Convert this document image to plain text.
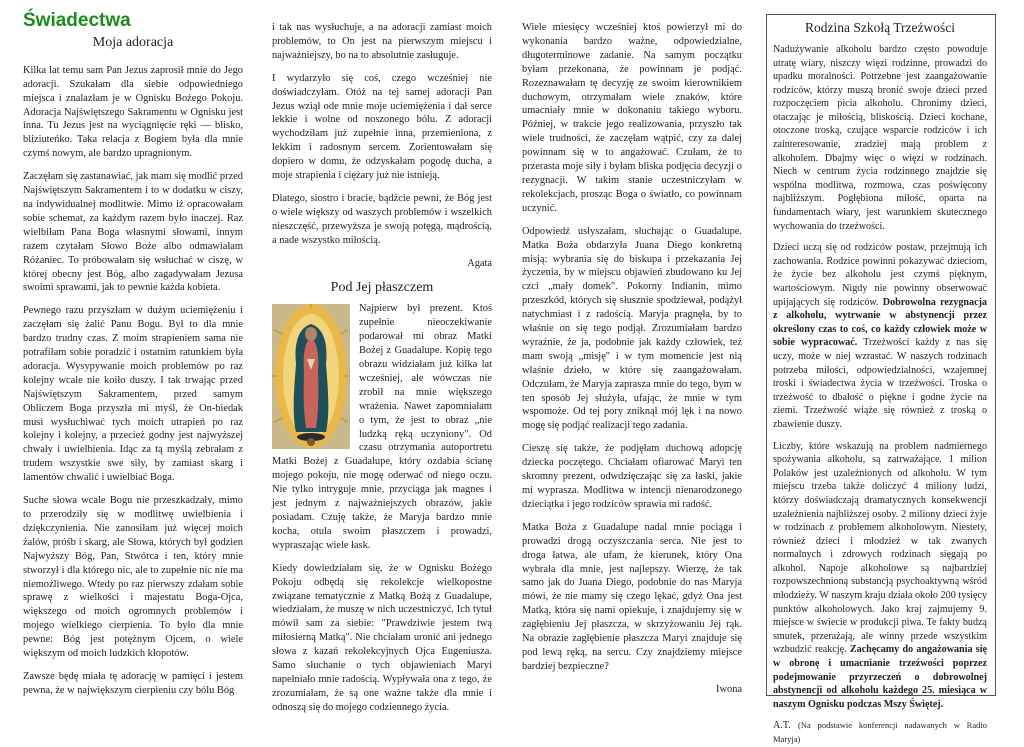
Świadectwa
Moja adoracja

Kilka lat temu sam Pan Jezus zaprosił mnie do Jego adoracji. Szukałam dla siebie odpowiedniego miejsca i znalazłam je w Ognisku Bożego Pokoju. Adoracja Najświętszego Sakramentu w Ognisku jest inna. Tu Jezus jest na wyciągnięcie ręki — blisko, bliziuteńko. Taka relacja z Bogiem była dla mnie czymś nowym, ale bardzo upragnionym.

Zaczęłam się zastanawiać, jak mam się modlić przed Najświętszym Sakramentem i to w dodatku w ciszy, na indywidualnej modlitwie. Mimo iż opracowałam sobie schemat, za każdym razem było inaczej. Raz wielbiłam Pana Boga własnymi słowami, innym razem czytałam Słowo Boże albo odmawiałam Różaniec. To próbowałam się wsłuchać w ciszę, w której obecny jest Bóg, albo zagadywałam Jezusa swoimi sprawami, jak to pewnie każda kobieta.

Pewnego razu przyszłam w dużym uciemiężeniu i zaczęłam się żalić Panu Bogu. Był to dla mnie bardzo trudny czas. Z moim strapieniem sama nie potrafiłam sobie poradzić i ostatnim ratunkiem była adoracja. Wysypywanie moich problemów po raz kolejny wcale nie koiło duszy. I tak trwając przed Najświętszym Sakramentem, przed samym Obliczem Boga przyszła mi myśl, że On-biedak musi wysłuchiwać tych moich utrapień po raz kolejny i kolejny, a przecież godny jest najwyższej chwały i uwielbienia. Idąc za tą myślą zebrałam z trudem wszystkie swe siły, by zamiast skarg i lamentów chwalić i uwielbiać Boga.

Suche słowa wcale Bogu nie przeszkadzały, mimo to przerodziły się w modlitwę uwielbienia i dziękczynienia. Nie zanosiłam już więcej moich żalów, próśb i skarg, ale Słowa, których był godzien Najwyższy Bóg, Pan, Stwórca i ten, który mnie stworzył i dla którego nic, ale to zupełnie nic nie ma niemożliwego. Wtedy po raz pierwszy zdałam sobie sprawę z wielkości i majestatu Boga-Ojca, większego od moich ogromnych problemów i mojego wielkiego cierpienia. To było dla mnie pewne: Bóg jest potężnym Ojcem, o wiele większym od moich ludzkich kłopotów.

Zawsze będę miała tę adorację w pamięci i jestem pewna, że w największym cierpieniu czy bólu Bóg

i tak nas wysłuchuje, a na adoracji zamiast moich problemów, to On jest na pierwszym miejscu i najważniejszy, bo na to absolutnie zasługuje.

I wydarzyło się coś, czego wcześniej nie doświadczyłam. Otóż na tej samej adoracji Pan Jezus wziął ode mnie moje uciemiężenia i dał serce lekkie i wolne od noszonego bólu. Z adoracji wychodziłam już zupełnie inna, przemieniona, z lekkim i radosnym sercem. Zorientowałam się dopiero w domu, że odzyskałam pogodę ducha, a moje strapienia i ciężary już nie istnieją.

Dlatego, siostro i bracie, bądźcie pewni, że Bóg jest o wiele większy od waszych problemów i wszelkich nieszczęść, przewyższa je swoją potęgą, mądrością, a nade wszystko miłością.

Agata
Pod Jej płaszczem

Najpierw był prezent. Ktoś zupełnie nieoczekiwanie podarował mi obraz Matki Bożej z Guadalupe. Kopię tego obrazu widziałam już kilka lat wcześniej, ale wówczas nie zrobił na mnie większego wrażenia. Nawet zapomniałam o tym, że jest to obraz „nie ludzką ręką uczyniony". Od czasu otrzymania autoportretu Matki Bożej z Guadalupe, który ozdabia ścianę mojego pokoju, nie mogę oderwać od niego oczu. Nie tylko intryguje mnie, przyciąga jak magnes i jest jednym z najważniejszych obrazów, jakie posiadam. Czuję także, że Maryja bardzo mnie kocha, otula swoim płaszczem i prowadzi, wypraszając wiele łask.

Kiedy dowiedziałam się, że w Ognisku Bożego Pokoju odbędą się rekolekcje wielkopostne związane tematycznie z Matką Bożą z Guadalupe, wiedziałam, że muszę w nich uczestniczyć. Ich tytuł mówił sam za siebie: "Prawdziwie jestem twą miłosierną Matką". Nie chciałam uronić ani jednego słowa z kazań rekolekcyjnych Ojca Eugeniusza. Samo słuchanie o tych objawieniach Maryi napełniało mnie radością. Wypływała ona z tego, że zrozumiałam, że są one ważne także dla mnie i odnoszą się do mojego codziennego życia.

Wiele miesięcy wcześniej ktoś powierzył mi do wykonania bardzo ważne, odpowiedzialne, długoterminowe zadanie. Na samym początku byłam przekonana, że powinnam je podjąć. Rozeznawałam tę decyzję ze swoim kierownikiem duchowym, otrzymałam wiele znaków, które umacniały mnie w dokonaniu takiego wyboru. Później, w trakcie jego realizowania, przyszło tak wiele trudności, że zaczęłam wątpić, czy za dalej powinnam się w to angażować. Czułam, że to przerasta moje siły i byłam bliska podjęcia decyzji o rezygnacji. W takim stanie uczestniczyłam w rekolekcjach, prosząc Boga o światło, co powinnam uczynić.

Odpowiedź usłyszałam, słuchając o Guadalupe. Matka Boża obdarzyła Juana Diego konkretną misją: wybrania się do biskupa i przekazania Jej życzenia, by w miejscu objawień zbudowano ku Jej czci „mały domek". Pokorny Indianin, mimo przeszkód, których się słusznie spodziewał, podążył natychmiast i z radością. Maryja pragnęła, by to właśnie on się tego podjął. Zrozumiałam bardzo wyraźnie, że ja, podobnie jak każdy człowiek, też mam swoją „misję" i w tym momencie jest nią właśnie dzieło, w które się zaangażowałam. Odczułam, że Maryja zaprasza mnie do tego, bym w ten sposób Jej służyła, ufając, że mnie w tym wspomoże. Od tej pory zniknął mój lęk i na nowo mogę się podjąć realizacji tego zadania.

Cieszę się także, że podjęłam duchową adopcję dziecka poczętego. Chciałam ofiarować Maryi ten skromny prezent, odwdzięczając się za łaski, jakie mi wyprasza. Modlitwa w intencji nienarodzonego dzieciątka i jego rodziców sprawia mi radość.

Matka Boża z Guadalupe nadal mnie pociąga i prowadzi drogą oczyszczania serca. Nie jest to droga łatwa, ale ufam, że kierunek, który Ona wybrała dla mnie, jest najlepszy. Wierzę, że tak samo jak do Juana Diego, podobnie do nas Maryja mówi, że nie mamy się czego lękać, gdyż Ona jest Matką, która się nami opiekuje, i znajdujemy się w zagłębieniu Jej płaszcza, w skrzyżowaniu Jej rąk. Na obrazie zagłębienie płaszcza Maryi znajduje się pod lewą ręką, na sercu. Czy znajdziemy miejsce bardziej bezpieczne?

Iwona
Rodzina Szkołą Trzeźwości

Nadużywanie alkoholu bardzo często powoduje utratę wiary, niszczy więzi rodzinne, prowadzi do upadku moralności. Potrzebne jest zaangażowanie rodziców, którzy muszą bronić swoje dzieci przed rozpoczęciem picia alkoholu. Chronimy dzieci, otaczając je miłością, bliskością. Dzieci kochane, otoczone troską, czujące wsparcie rodziców i ich zainteresowanie, zradziej mają problem z alkoholem. Dbajmy więc o więzi w rodzinach. Niech w centrum życia rodzinnego znajdzie się wspólna modlitwa, rozmowa, czas poświęcony najbliższym. Pogłębiona miłość, oparta na fundamentach wiary, jest warunkiem skutecznego wychowania do trzeźwości.

Dzieci uczą się od rodziców postaw, przejmują ich zachowania. Rodzice powinni pokazywać dzieciom, że życie bez alkoholu jest czymś pięknym, wartościowym. Nigdy nie powinny obserwować upijających się rodziców. Dobrowolna rezygnacja z alkoholu, wytrwanie w abstynencji przez określony czas to coś, co każdy człowiek może w sobie wypracować. Trzeźwości każdy z nas się uczy, może w niej wzrastać. W naszych rodzinach potrzeba miłości, odpowiedzialności, wzajemnej troski i świadectwa życia w trzeźwości. Troska o trzeźwość to dbałość o piękne i godne życie na ziemi. Trzeźwość wiąże się również z troską o zbawienie duszy.

Liczby, które wskazują na problem nadmiernego spożywania alkoholu, są zatrważające. 1 milion Polaków jest uzależnionych od alkoholu. W tym miejscu trzeba także doliczyć 4 miliony ludzi, którzy doświadczają dramatycznych konsekwencji uzależnienia najbliższej osoby. 2 miliony dzieci żyje w rodzinach z problemem alkoholowym. Niestety, również dzieci i młodzież w tak zwanych normalnych i zdrowych rodzinach sięgają po alkohol. Napoje alkoholowe są najbardziej rozpowszechnioną substancją psychoaktywną wśród młodzieży. W naszym kraju działa około 200 tysięcy punktów alkoholowych. Jako kraj zajmujemy 9. miejsce w świecie w produkcji piwa. Te fakty budzą smutek, przerażają, ale winny przede wszystkim wzbudzić reakcję. Zachęcamy do angażowania się w obronę i umacnianie trzeźwości poprzez podejmowanie przyrzeczeń o dobrowolnej abstynencji od alkoholu każdego 25. miesiąca w naszym Ognisku podczas Mszy Świętej.

A.T. (Na podstawie konferencji nadawanych w Radio Maryja)
